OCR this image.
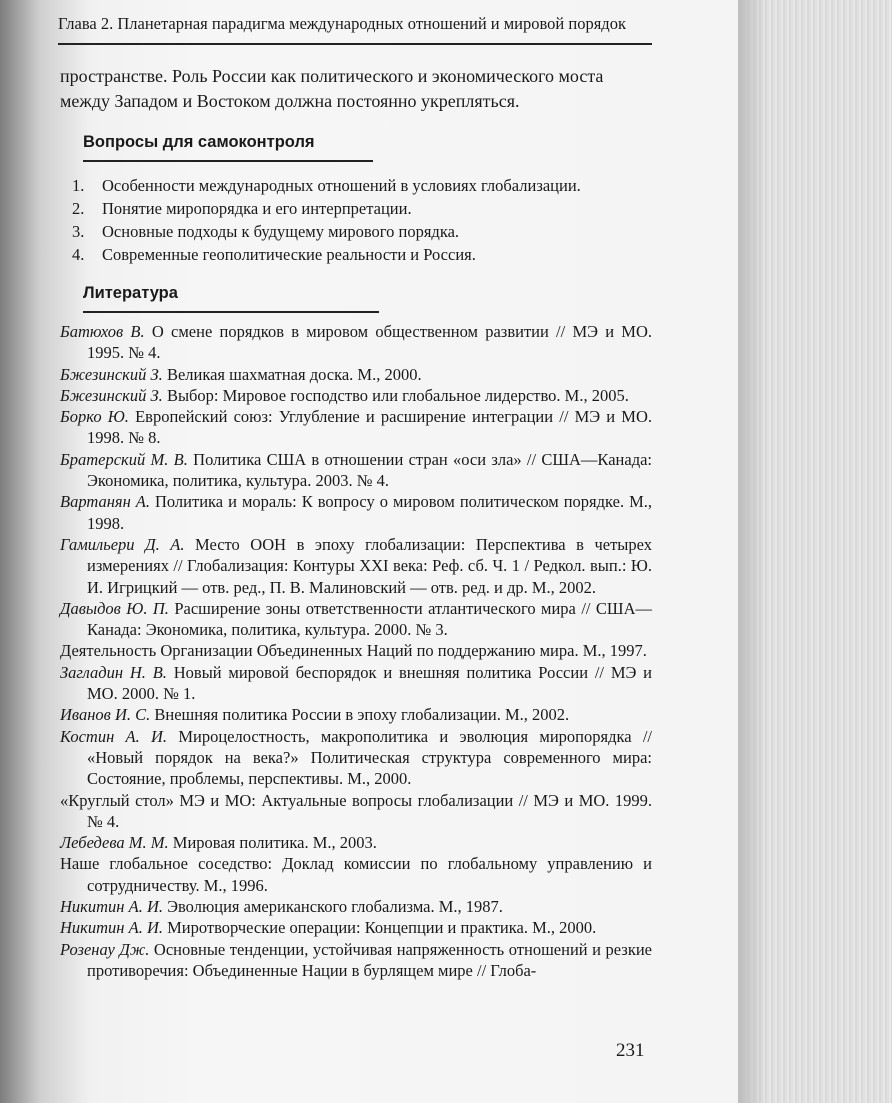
Глава 2. Планетарная парадигма международных отношений и мировой порядок
пространстве. Роль России как политического и экономического моста между Западом и Востоком должна постоянно укрепляться.
Вопросы для самоконтроля
1. Особенности международных отношений в условиях глобализации.
2. Понятие миропорядка и его интерпретации.
3. Основные подходы к будущему мирового порядка.
4. Современные геополитические реальности и Россия.
Литература
Батюхов В. О смене порядков в мировом общественном развитии // МЭ и МО. 1995. № 4.
Бжезинский З. Великая шахматная доска. М., 2000.
Бжезинский З. Выбор: Мировое господство или глобальное лидерство. М., 2005.
Борко Ю. Европейский союз: Углубление и расширение интеграции // МЭ и МО. 1998. № 8.
Братерский М. В. Политика США в отношении стран «оси зла» // США—Канада: Экономика, политика, культура. 2003. № 4.
Вартанян А. Политика и мораль: К вопросу о мировом политическом порядке. М., 1998.
Гамильери Д. А. Место ООН в эпоху глобализации: Перспектива в четырех измерениях // Глобализация: Контуры XXI века: Реф. сб. Ч. 1 / Редкол. вып.: Ю. И. Игрицкий — отв. ред., П. В. Малиновский — отв. ред. и др. М., 2002.
Давыдов Ю. П. Расширение зоны ответственности атлантического мира // США—Канада: Экономика, политика, культура. 2000. № 3.
Деятельность Организации Объединенных Наций по поддержанию мира. М., 1997.
Загладин Н. В. Новый мировой беспорядок и внешняя политика России // МЭ и МО. 2000. № 1.
Иванов И. С. Внешняя политика России в эпоху глобализации. М., 2002.
Костин А. И. Мироцелостность, макрополитика и эволюция миропорядка // «Новый порядок на века?» Политическая структура современного мира: Состояние, проблемы, перспективы. М., 2000.
«Круглый стол» МЭ и МО: Актуальные вопросы глобализации // МЭ и МО. 1999. № 4.
Лебедева М. М. Мировая политика. М., 2003.
Наше глобальное соседство: Доклад комиссии по глобальному управлению и сотрудничеству. М., 1996.
Никитин А. И. Эволюция американского глобализма. М., 1987.
Никитин А. И. Миротворческие операции: Концепции и практика. М., 2000.
Розенау Дж. Основные тенденции, устойчивая напряженность отношений и резкие противоречия: Объединенные Нации в бурлящем мире // Глоба-
231
